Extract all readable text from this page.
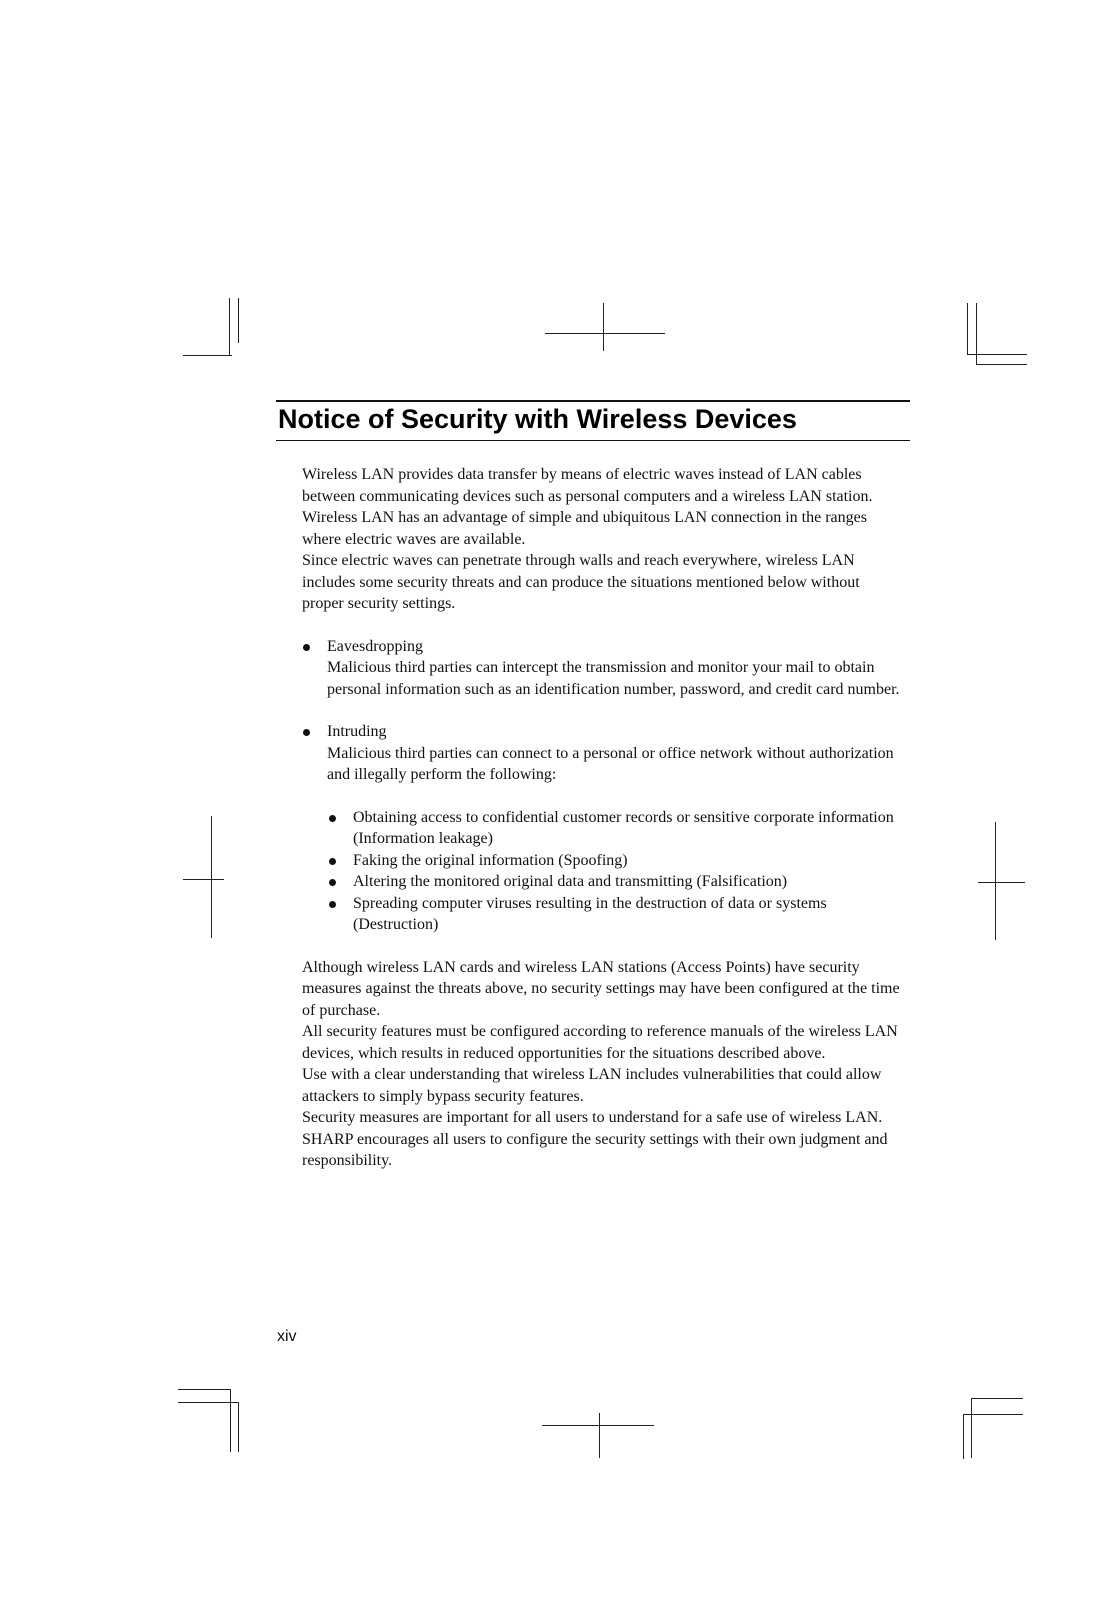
Notice of Security with Wireless Devices

Wireless LAN provides data transfer by means of electric waves instead of LAN cables between communicating devices such as personal computers and a wireless LAN station. Wireless LAN has an advantage of simple and ubiquitous LAN connection in the ranges where electric waves are available.

Since electric waves can penetrate through walls and reach everywhere, wireless LAN includes some security threats and can produce the situations mentioned below without proper security settings.

Eavesdropping

Malicious third parties can intercept the transmission and monitor your mail to obtain personal information such as an identification number, password, and credit card number.

Intruding

Malicious third parties can connect to a personal or office network without authorization and illegally perform the following:

Obtaining access to confidential customer records or sensitive corporate information (Information leakage)
Faking the original information (Spoofing)
Altering the monitored original data and transmitting (Falsification)
Spreading computer viruses resulting in the destruction of data or systems (Destruction)

Although wireless LAN cards and wireless LAN stations (Access Points) have security measures against the threats above, no security settings may have been configured at the time of purchase.

All security features must be configured according to reference manuals of the wireless LAN devices, which results in reduced opportunities for the situations described above.

Use with a clear understanding that wireless LAN includes vulnerabilities that could allow attackers to simply bypass security features.

Security measures are important for all users to understand for a safe use of wireless LAN. SHARP encourages all users to configure the security settings with their own judgment and responsibility.

xiv
